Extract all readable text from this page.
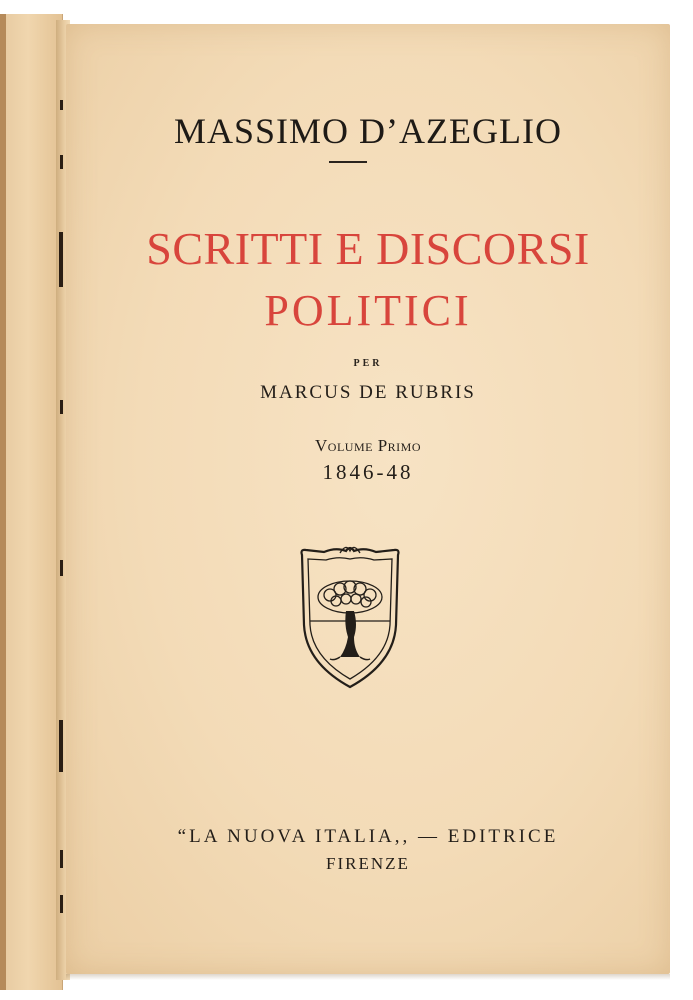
MASSIMO D’AZEGLIO
SCRITTI E DISCORSI
POLITICI
PER
MARCUS DE RUBRIS
Volume Primo
1846-48
“LA NUOVA ITALIA,, — EDITRICE
FIRENZE
